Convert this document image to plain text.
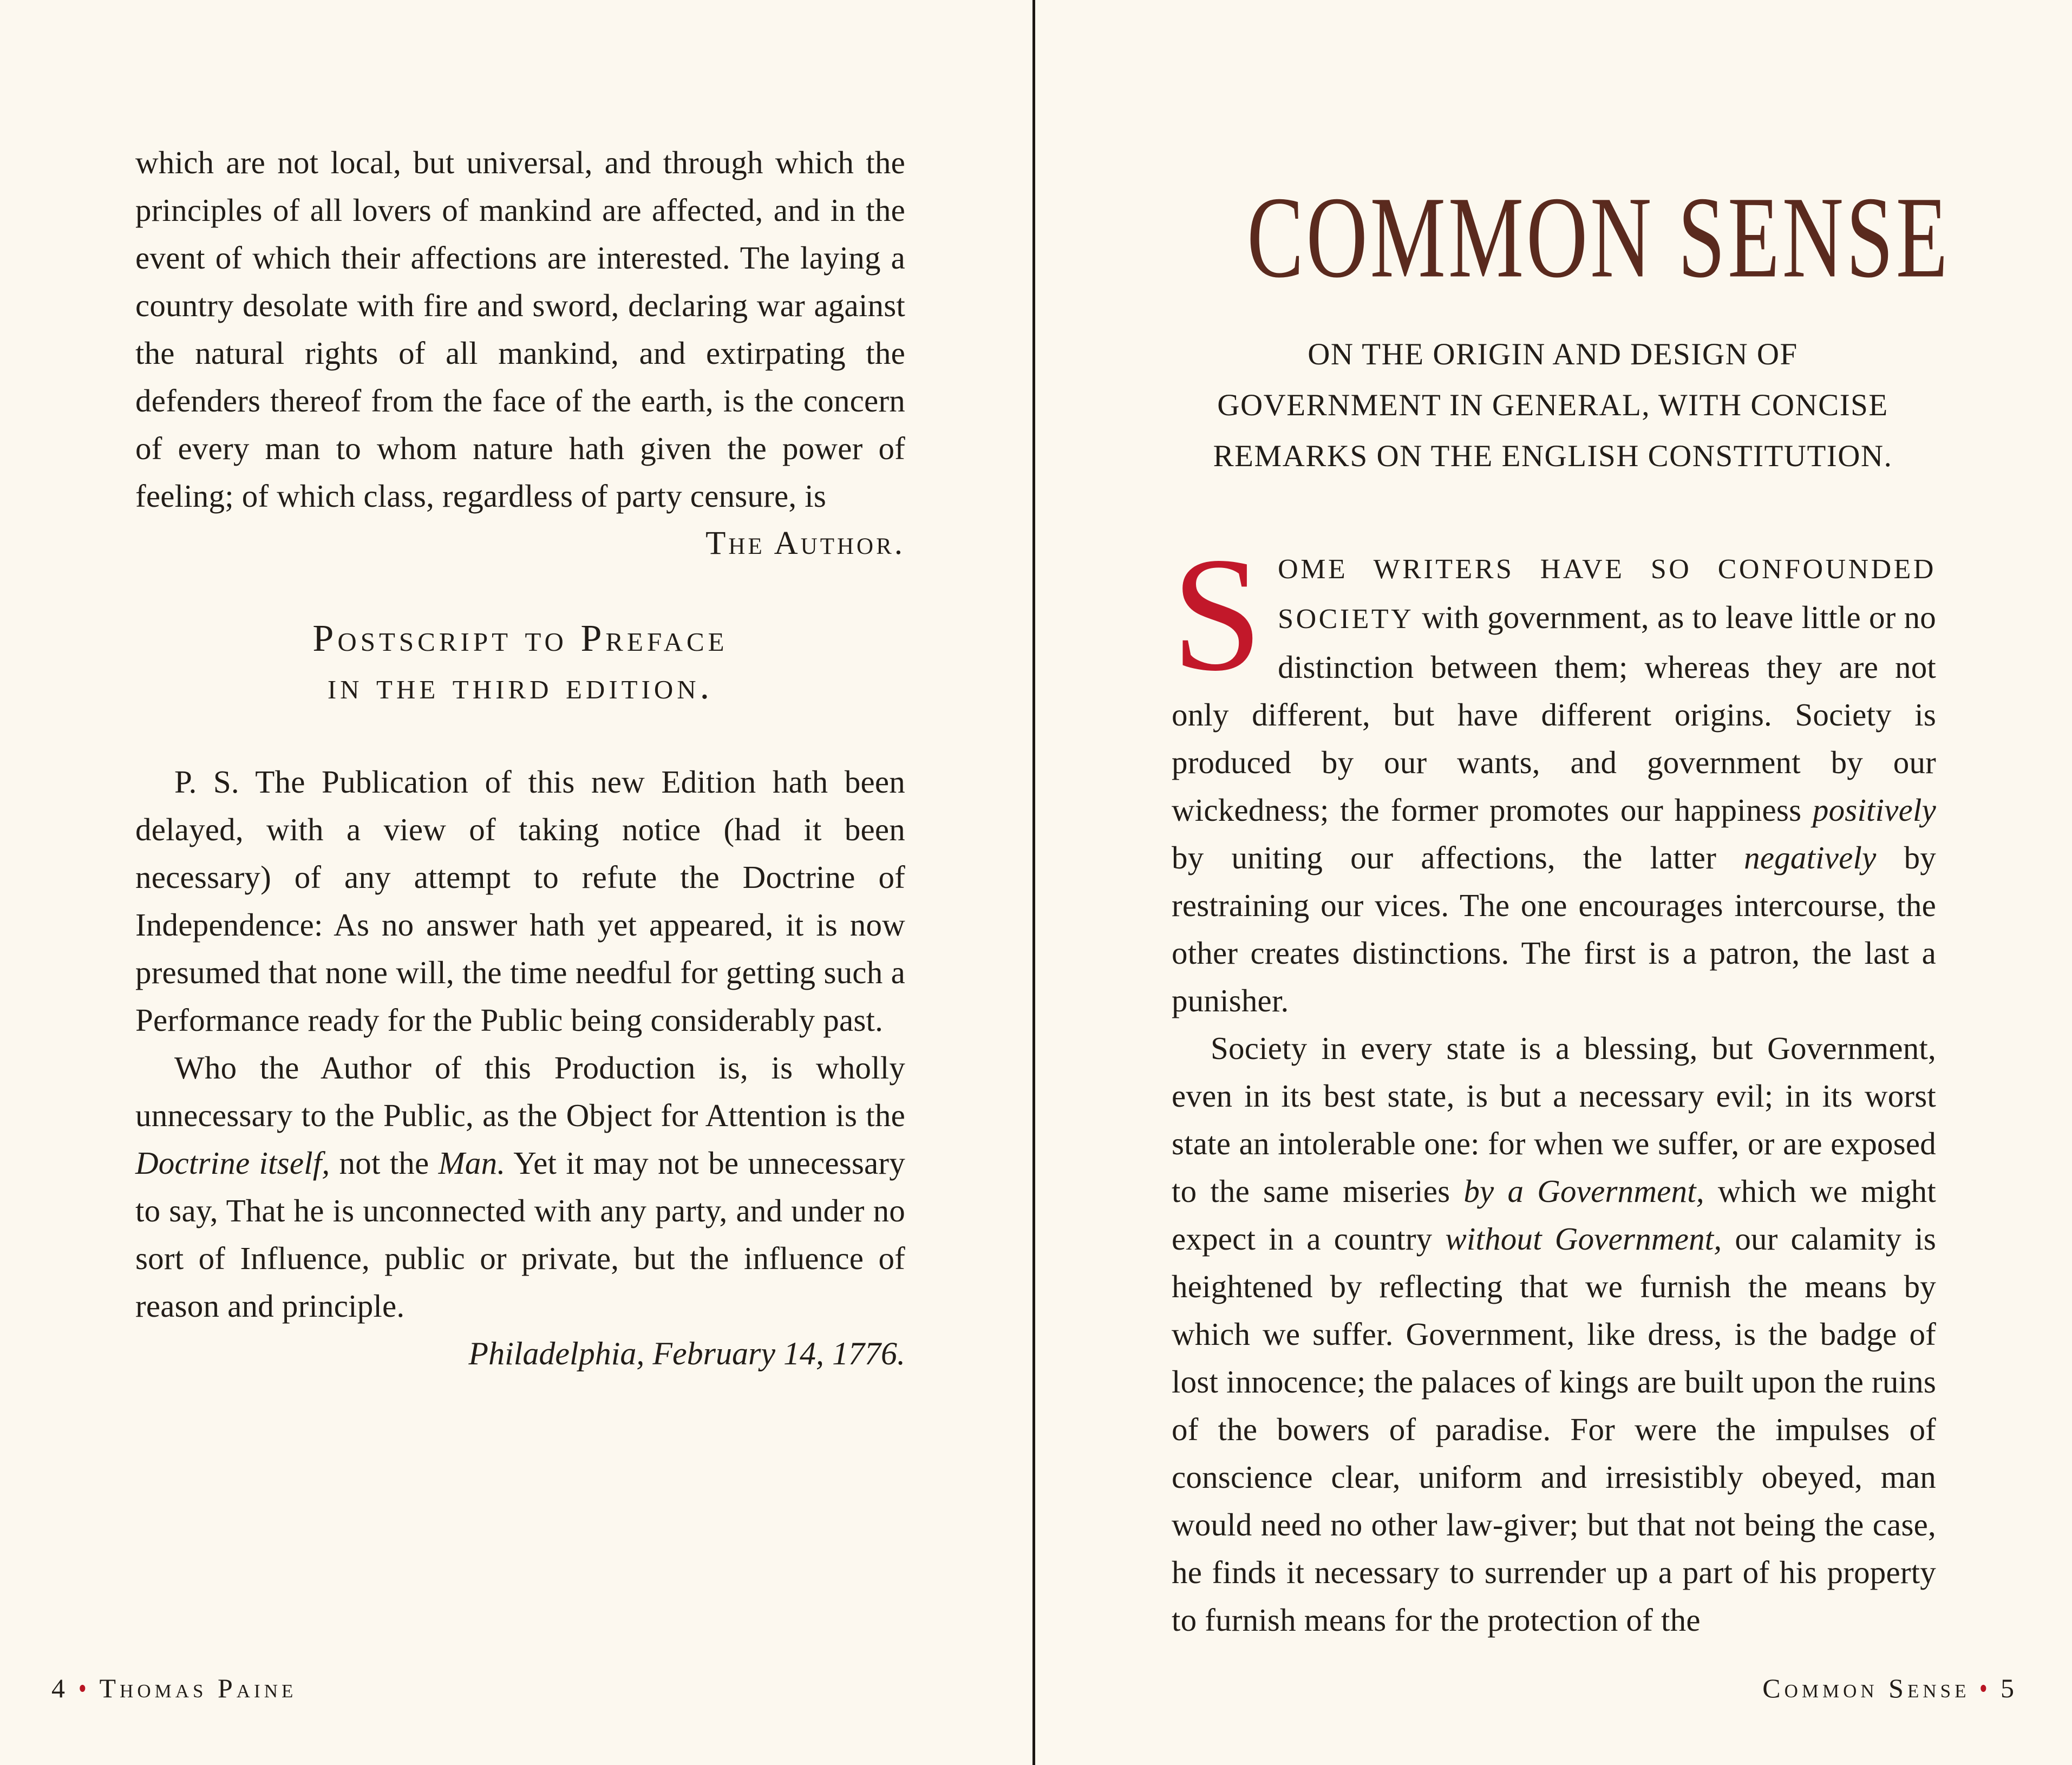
which are not local, but universal, and through which the principles of all lovers of mankind are affected, and in the event of which their affections are interested. The laying a country desolate with fire and sword, declaring war against the natural rights of all mankind, and extirpating the defenders thereof from the face of the earth, is the concern of every man to whom nature hath given the power of feeling; of which class, regardless of party censure, is

The Author.

Postscript to Preface
in the third edition.

P. S. The Publication of this new Edition hath been delayed, with a view of taking notice (had it been necessary) of any attempt to refute the Doctrine of Independence: As no answer hath yet appeared, it is now presumed that none will, the time needful for getting such a Performance ready for the Public being considerably past.

Who the Author of this Production is, is wholly unnecessary to the Public, as the Object for Attention is the Doctrine itself, not the Man. Yet it may not be unnecessary to say, That he is unconnected with any party, and under no sort of Influence, public or private, but the influence of reason and principle.

Philadelphia, February 14, 1776.

4 • Thomas Paine
COMMON SENSE
ON THE ORIGIN AND DESIGN OF
GOVERNMENT IN GENERAL, WITH CONCISE
REMARKS ON THE ENGLISH CONSTITUTION.

SOME WRITERS HAVE SO CONFOUNDED SOCIETY with government, as to leave little or no distinction between them; whereas they are not only different, but have different origins. Society is produced by our wants, and government by our wickedness; the former promotes our happiness positively by uniting our affections, the latter negatively by restraining our vices. The one encourages intercourse, the other creates distinctions. The first is a patron, the last a punisher.

Society in every state is a blessing, but Government, even in its best state, is but a necessary evil; in its worst state an intolerable one: for when we suffer, or are exposed to the same miseries by a Government, which we might expect in a country without Government, our calamity is heightened by reflecting that we furnish the means by which we suffer. Government, like dress, is the badge of lost innocence; the palaces of kings are built upon the ruins of the bowers of paradise. For were the impulses of conscience clear, uniform and irresistibly obeyed, man would need no other law-giver; but that not being the case, he finds it necessary to surrender up a part of his property to furnish means for the protection of the

Common Sense • 5
